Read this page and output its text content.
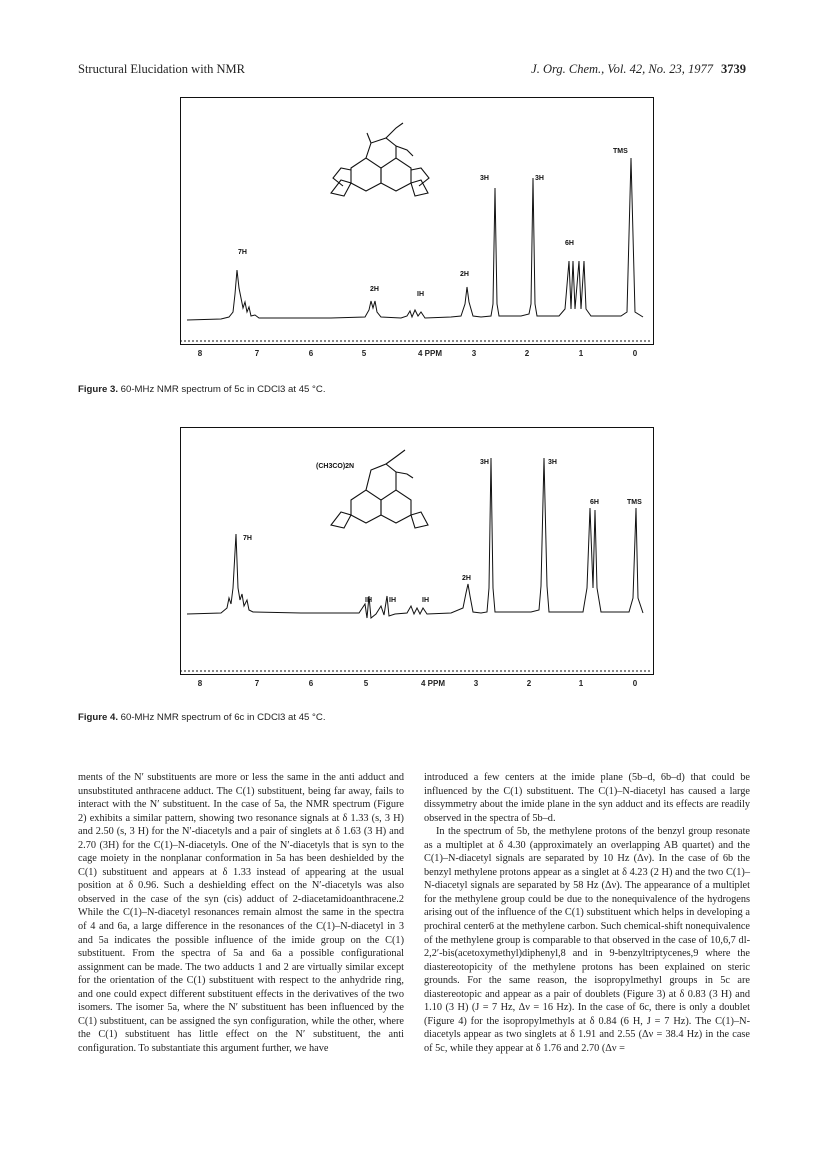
Structural Elucidation with NMR	J. Org. Chem., Vol. 42, No. 23, 1977 3739
7H
2H
IH
2H
3H	3H
6H
TMS
8	7	6	5	4 PPM	3	2	1	0
Figure 3. 60-MHz NMR spectrum of 5c in CDCl3 at 45 °C.
(CH3CO)2N
7H
IH IH	IH
2H
3H	3H
6H	TMS
8	7	6	5	4 PPM	3	2	1	0
Figure 4. 60-MHz NMR spectrum of 6c in CDCl3 at 45 °C.

ments of the N′ substituents are more or less the same in the anti adduct and unsubstituted anthracene adduct. The C(1) substituent, being far away, fails to interact with the N′ substituent. In the case of 5a, the NMR spectrum (Figure 2) exhibits a similar pattern, showing two resonance signals at δ 1.33 (s, 3 H) and 2.50 (s, 3 H) for the N′-diacetyls and a pair of singlets at δ 1.63 (3 H) and 2.70 (3H) for the C(1)–N-diacetyls. One of the N′-diacetyls that is syn to the cage moiety in the nonplanar conformation in 5a has been deshielded by the C(1) substituent and appears at δ 1.33 instead of appearing at the usual position at δ 0.96. Such a deshielding effect on the N′-diacetyls was also observed in the case of the syn (cis) adduct of 2-diacetamidoanthracene.2 While the C(1)–N-diacetyl resonances remain almost the same in the spectra of 4 and 6a, a large difference in the resonances of the C(1)–N-diacetyl in 3 and 5a indicates the possible influence of the imide group on the C(1) substituent. From the spectra of 5a and 6a a possible configurational assignment can be made. The two adducts 1 and 2 are virtually similar except for the orientation of the C(1) substituent with respect to the anhydride ring, and one could expect different substituent effects in the derivatives of the two isomers. The isomer 5a, where the N′ substituent has been influenced by the C(1) substituent, can be assigned the syn configuration, while the other, where the C(1) substituent has little effect on the N′ substituent, the anti configuration. To substantiate this argument further, we have

introduced a few centers at the imide plane (5b–d, 6b–d) that could be influenced by the C(1) substituent. The C(1)–N-diacetyl has caused a large dissymmetry about the imide plane in the syn adduct and its effects are readily observed in the spectra of 5b–d.

In the spectrum of 5b, the methylene protons of the benzyl group resonate as a multiplet at δ 4.30 (approximately an overlapping AB quartet) and the C(1)–N-diacetyl signals are separated by 10 Hz (Δν). In the case of 6b the benzyl methylene protons appear as a singlet at δ 4.23 (2 H) and the two C(1)–N-diacetyl signals are separated by 58 Hz (Δν). The appearance of a multiplet for the methylene group could be due to the nonequivalence of the hydrogens arising out of the influence of the C(1) substituent which helps in developing a prochiral center6 at the methylene carbon. Such chemical-shift nonequivalence of the methylene group is comparable to that observed in the case of 10,6,7 dl-2,2′-bis(acetoxymethyl)diphenyl,8 and in 9-benzyltriptycenes,9 where the diastereotopicity of the methylene protons has been explained on steric grounds. For the same reason, the isopropylmethyl groups in 5c are diastereotopic and appear as a pair of doublets (Figure 3) at δ 0.83 (3 H) and 1.10 (3 H) (J = 7 Hz, Δν = 16 Hz). In the case of 6c, there is only a doublet (Figure 4) for the isopropylmethyls at δ 0.84 (6 H, J = 7 Hz). The C(1)–N-diacetyls appear as two singlets at δ 1.91 and 2.55 (Δν = 38.4 Hz) in the case of 5c, while they appear at δ 1.76 and 2.70 (Δν =
